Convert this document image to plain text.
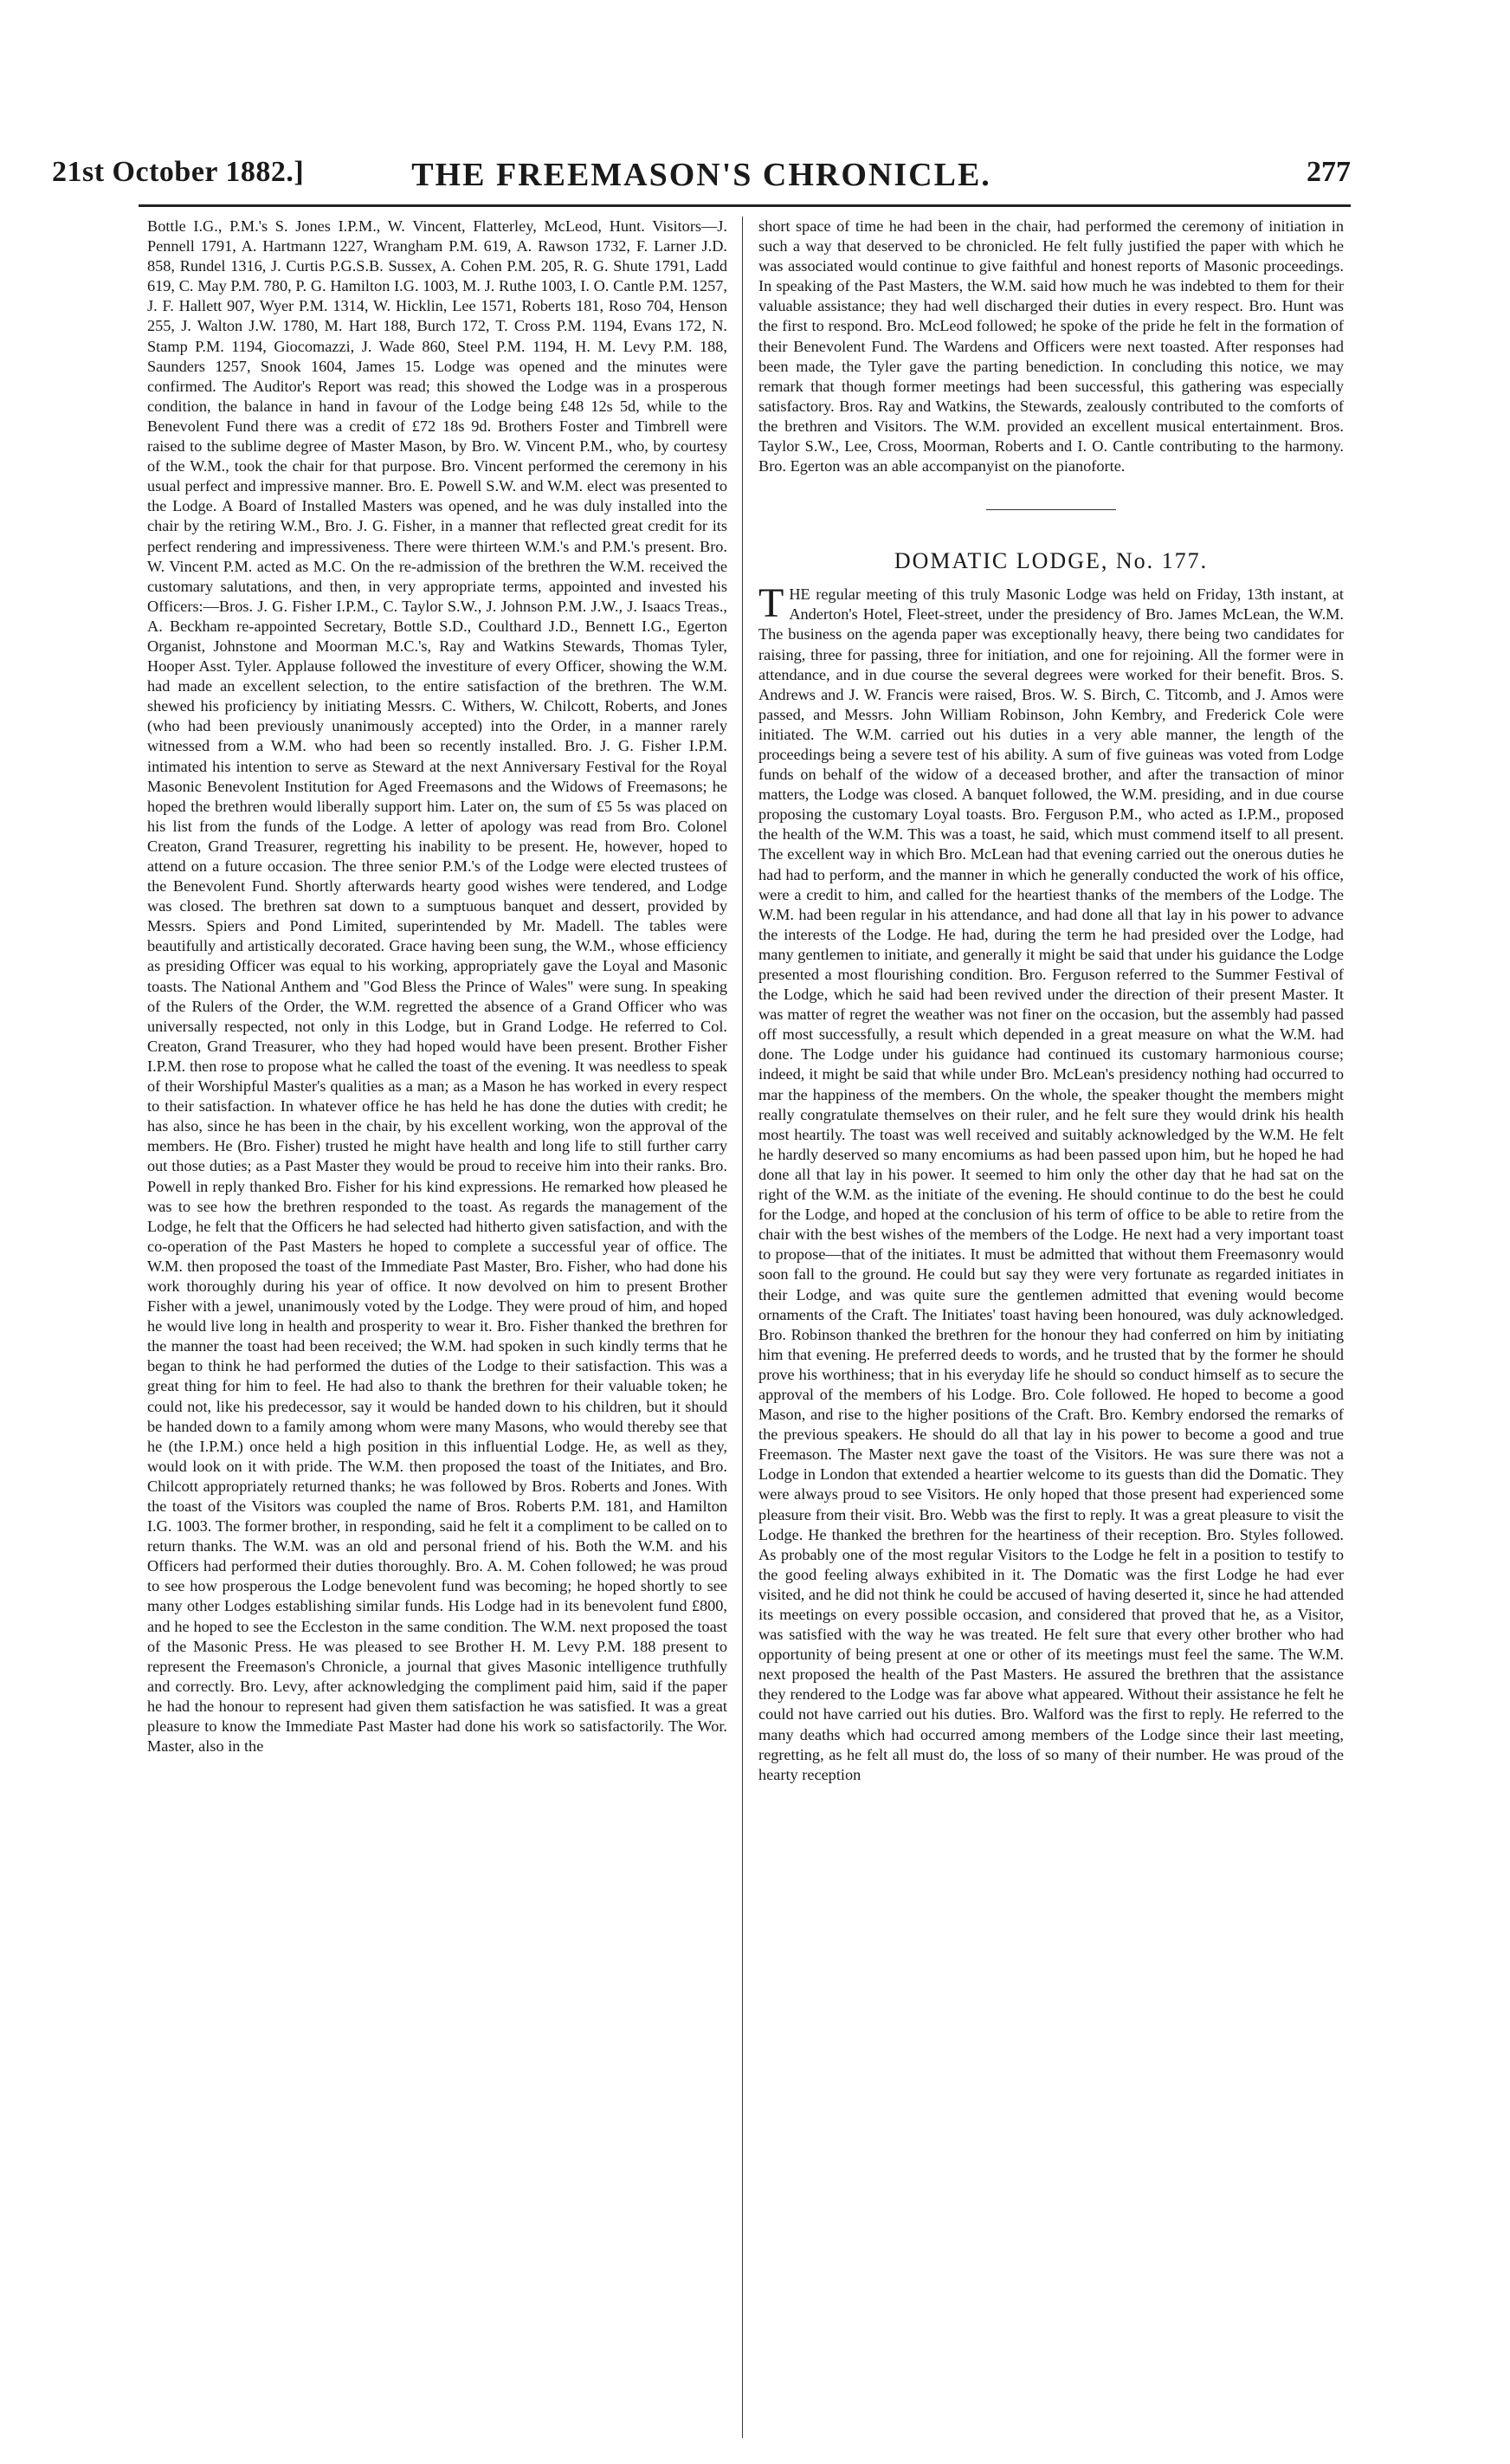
21st October 1882.]	THE FREEMASON'S CHRONICLE.	277

Bottle I.G., P.M.'s S. Jones I.P.M., W. Vincent, Flatterley, McLeod, Hunt. Visitors—J. Pennell 1791, A. Hartmann 1227, Wrangham P.M. 619, A. Rawson 1732, F. Larner J.D. 858, Rundel 1316, J. Curtis P.G.S.B. Sussex, A. Cohen P.M. 205, R. G. Shute 1791, Ladd 619, C. May P.M. 780, P. G. Hamilton I.G. 1003, M. J. Ruthe 1003, I. O. Cantle P.M. 1257, J. F. Hallett 907, Wyer P.M. 1314, W. Hicklin, Lee 1571, Roberts 181, Roso 704, Henson 255, J. Walton J.W. 1780, M. Hart 188, Burch 172, T. Cross P.M. 1194, Evans 172, N. Stamp P.M. 1194, Giocomazzi, J. Wade 860, Steel P.M. 1194, H. M. Levy P.M. 188, Saunders 1257, Snook 1604, James 15. Lodge was opened and the minutes were confirmed. The Auditor's Report was read; this showed the Lodge was in a prosperous condition, the balance in hand in favour of the Lodge being £48 12s 5d, while to the Benevolent Fund there was a credit of £72 18s 9d. Brothers Foster and Timbrell were raised to the sublime degree of Master Mason, by Bro. W. Vincent P.M., who, by courtesy of the W.M., took the chair for that purpose. Bro. Vincent performed the ceremony in his usual perfect and impressive manner. Bro. E. Powell S.W. and W.M. elect was presented to the Lodge. A Board of Installed Masters was opened, and he was duly installed into the chair by the retiring W.M., Bro. J. G. Fisher, in a manner that reflected great credit for its perfect rendering and impressiveness. There were thirteen W.M.'s and P.M.'s present. Bro. W. Vincent P.M. acted as M.C. On the re-admission of the brethren the W.M. received the customary salutations, and then, in very appropriate terms, appointed and invested his Officers:—Bros. J. G. Fisher I.P.M., C. Taylor S.W., J. Johnson P.M. J.W., J. Isaacs Treas., A. Beckham re-appointed Secretary, Bottle S.D., Coulthard J.D., Bennett I.G., Egerton Organist, Johnstone and Moorman M.C.'s, Ray and Watkins Stewards, Thomas Tyler, Hooper Asst. Tyler. Applause followed the investiture of every Officer, showing the W.M. had made an excellent selection, to the entire satisfaction of the brethren. The W.M. shewed his proficiency by initiating Messrs. C. Withers, W. Chilcott, Roberts, and Jones (who had been previously unanimously accepted) into the Order, in a manner rarely witnessed from a W.M. who had been so recently installed. Bro. J. G. Fisher I.P.M. intimated his intention to serve as Steward at the next Anniversary Festival for the Royal Masonic Benevolent Institution for Aged Freemasons and the Widows of Freemasons; he hoped the brethren would liberally support him. Later on, the sum of £5 5s was placed on his list from the funds of the Lodge. A letter of apology was read from Bro. Colonel Creaton, Grand Treasurer, regretting his inability to be present. He, however, hoped to attend on a future occasion. The three senior P.M.'s of the Lodge were elected trustees of the Benevolent Fund. Shortly afterwards hearty good wishes were tendered, and Lodge was closed. The brethren sat down to a sumptuous banquet and dessert, provided by Messrs. Spiers and Pond Limited, superintended by Mr. Madell. The tables were beautifully and artistically decorated. Grace having been sung, the W.M., whose efficiency as presiding Officer was equal to his working, appropriately gave the Loyal and Masonic toasts. The National Anthem and "God Bless the Prince of Wales" were sung. In speaking of the Rulers of the Order, the W.M. regretted the absence of a Grand Officer who was universally respected, not only in this Lodge, but in Grand Lodge. He referred to Col. Creaton, Grand Treasurer, who they had hoped would have been present. Brother Fisher I.P.M. then rose to propose what he called the toast of the evening. It was needless to speak of their Worshipful Master's qualities as a man; as a Mason he has worked in every respect to their satisfaction. In whatever office he has held he has done the duties with credit; he has also, since he has been in the chair, by his excellent working, won the approval of the members. He (Bro. Fisher) trusted he might have health and long life to still further carry out those duties; as a Past Master they would be proud to receive him into their ranks. Bro. Powell in reply thanked Bro. Fisher for his kind expressions. He remarked how pleased he was to see how the brethren responded to the toast. As regards the management of the Lodge, he felt that the Officers he had selected had hitherto given satisfaction, and with the co-operation of the Past Masters he hoped to complete a successful year of office. The W.M. then proposed the toast of the Immediate Past Master, Bro. Fisher, who had done his work thoroughly during his year of office. It now devolved on him to present Brother Fisher with a jewel, unanimously voted by the Lodge. They were proud of him, and hoped he would live long in health and prosperity to wear it. Bro. Fisher thanked the brethren for the manner the toast had been received; the W.M. had spoken in such kindly terms that he began to think he had performed the duties of the Lodge to their satisfaction. This was a great thing for him to feel. He had also to thank the brethren for their valuable token; he could not, like his predecessor, say it would be handed down to his children, but it should be handed down to a family among whom were many Masons, who would thereby see that he (the I.P.M.) once held a high position in this influential Lodge. He, as well as they, would look on it with pride. The W.M. then proposed the toast of the Initiates, and Bro. Chilcott appropriately returned thanks; he was followed by Bros. Roberts and Jones. With the toast of the Visitors was coupled the name of Bros. Roberts P.M. 181, and Hamilton I.G. 1003. The former brother, in responding, said he felt it a compliment to be called on to return thanks. The W.M. was an old and personal friend of his. Both the W.M. and his Officers had performed their duties thoroughly. Bro. A. M. Cohen followed; he was proud to see how prosperous the Lodge benevolent fund was becoming; he hoped shortly to see many other Lodges establishing similar funds. His Lodge had in its benevolent fund £800, and he hoped to see the Eccleston in the same condition. The W.M. next proposed the toast of the Masonic Press. He was pleased to see Brother H. M. Levy P.M. 188 present to represent the Freemason's Chronicle, a journal that gives Masonic intelligence truthfully and correctly. Bro. Levy, after acknowledging the compliment paid him, said if the paper he had the honour to represent had given them satisfaction he was satisfied. It was a great pleasure to know the Immediate Past Master had done his work so satisfactorily. The Wor. Master, also in the

short space of time he had been in the chair, had performed the ceremony of initiation in such a way that deserved to be chronicled. He felt fully justified the paper with which he was associated would continue to give faithful and honest reports of Masonic proceedings. In speaking of the Past Masters, the W.M. said how much he was indebted to them for their valuable assistance; they had well discharged their duties in every respect. Bro. Hunt was the first to respond. Bro. McLeod followed; he spoke of the pride he felt in the formation of their Benevolent Fund. The Wardens and Officers were next toasted. After responses had been made, the Tyler gave the parting benediction. In concluding this notice, we may remark that though former meetings had been successful, this gathering was especially satisfactory. Bros. Ray and Watkins, the Stewards, zealously contributed to the comforts of the brethren and Visitors. The W.M. provided an excellent musical entertainment. Bros. Taylor S.W., Lee, Cross, Moorman, Roberts and I. O. Cantle contributing to the harmony. Bro. Egerton was an able accompanyist on the pianoforte.

DOMATIC LODGE, No. 177.

THE regular meeting of this truly Masonic Lodge was held on Friday, 13th instant, at Anderton's Hotel, Fleet-street, under the presidency of Bro. James McLean, the W.M. The business on the agenda paper was exceptionally heavy, there being two candidates for raising, three for passing, three for initiation, and one for rejoining. All the former were in attendance, and in due course the several degrees were worked for their benefit. Bros. S. Andrews and J. W. Francis were raised, Bros. W. S. Birch, C. Titcomb, and J. Amos were passed, and Messrs. John William Robinson, John Kembry, and Frederick Cole were initiated. The W.M. carried out his duties in a very able manner, the length of the proceedings being a severe test of his ability. A sum of five guineas was voted from Lodge funds on behalf of the widow of a deceased brother, and after the transaction of minor matters, the Lodge was closed. A banquet followed, the W.M. presiding, and in due course proposing the customary Loyal toasts. Bro. Ferguson P.M., who acted as I.P.M., proposed the health of the W.M. This was a toast, he said, which must commend itself to all present. The excellent way in which Bro. McLean had that evening carried out the onerous duties he had had to perform, and the manner in which he generally conducted the work of his office, were a credit to him, and called for the heartiest thanks of the members of the Lodge. The W.M. had been regular in his attendance, and had done all that lay in his power to advance the interests of the Lodge. He had, during the term he had presided over the Lodge, had many gentlemen to initiate, and generally it might be said that under his guidance the Lodge presented a most flourishing condition. Bro. Ferguson referred to the Summer Festival of the Lodge, which he said had been revived under the direction of their present Master. It was matter of regret the weather was not finer on the occasion, but the assembly had passed off most successfully, a result which depended in a great measure on what the W.M. had done. The Lodge under his guidance had continued its customary harmonious course; indeed, it might be said that while under Bro. McLean's presidency nothing had occurred to mar the happiness of the members. On the whole, the speaker thought the members might really congratulate themselves on their ruler, and he felt sure they would drink his health most heartily. The toast was well received and suitably acknowledged by the W.M. He felt he hardly deserved so many encomiums as had been passed upon him, but he hoped he had done all that lay in his power. It seemed to him only the other day that he had sat on the right of the W.M. as the initiate of the evening. He should continue to do the best he could for the Lodge, and hoped at the conclusion of his term of office to be able to retire from the chair with the best wishes of the members of the Lodge. He next had a very important toast to propose—that of the initiates. It must be admitted that without them Freemasonry would soon fall to the ground. He could but say they were very fortunate as regarded initiates in their Lodge, and was quite sure the gentlemen admitted that evening would become ornaments of the Craft. The Initiates' toast having been honoured, was duly acknowledged. Bro. Robinson thanked the brethren for the honour they had conferred on him by initiating him that evening. He preferred deeds to words, and he trusted that by the former he should prove his worthiness; that in his everyday life he should so conduct himself as to secure the approval of the members of his Lodge. Bro. Cole followed. He hoped to become a good Mason, and rise to the higher positions of the Craft. Bro. Kembry endorsed the remarks of the previous speakers. He should do all that lay in his power to become a good and true Freemason. The Master next gave the toast of the Visitors. He was sure there was not a Lodge in London that extended a heartier welcome to its guests than did the Domatic. They were always proud to see Visitors. He only hoped that those present had experienced some pleasure from their visit. Bro. Webb was the first to reply. It was a great pleasure to visit the Lodge. He thanked the brethren for the heartiness of their reception. Bro. Styles followed. As probably one of the most regular Visitors to the Lodge he felt in a position to testify to the good feeling always exhibited in it. The Domatic was the first Lodge he had ever visited, and he did not think he could be accused of having deserted it, since he had attended its meetings on every possible occasion, and considered that proved that he, as a Visitor, was satisfied with the way he was treated. He felt sure that every other brother who had opportunity of being present at one or other of its meetings must feel the same. The W.M. next proposed the health of the Past Masters. He assured the brethren that the assistance they rendered to the Lodge was far above what appeared. Without their assistance he felt he could not have carried out his duties. Bro. Walford was the first to reply. He referred to the many deaths which had occurred among members of the Lodge since their last meeting, regretting, as he felt all must do, the loss of so many of their number. He was proud of the hearty reception
